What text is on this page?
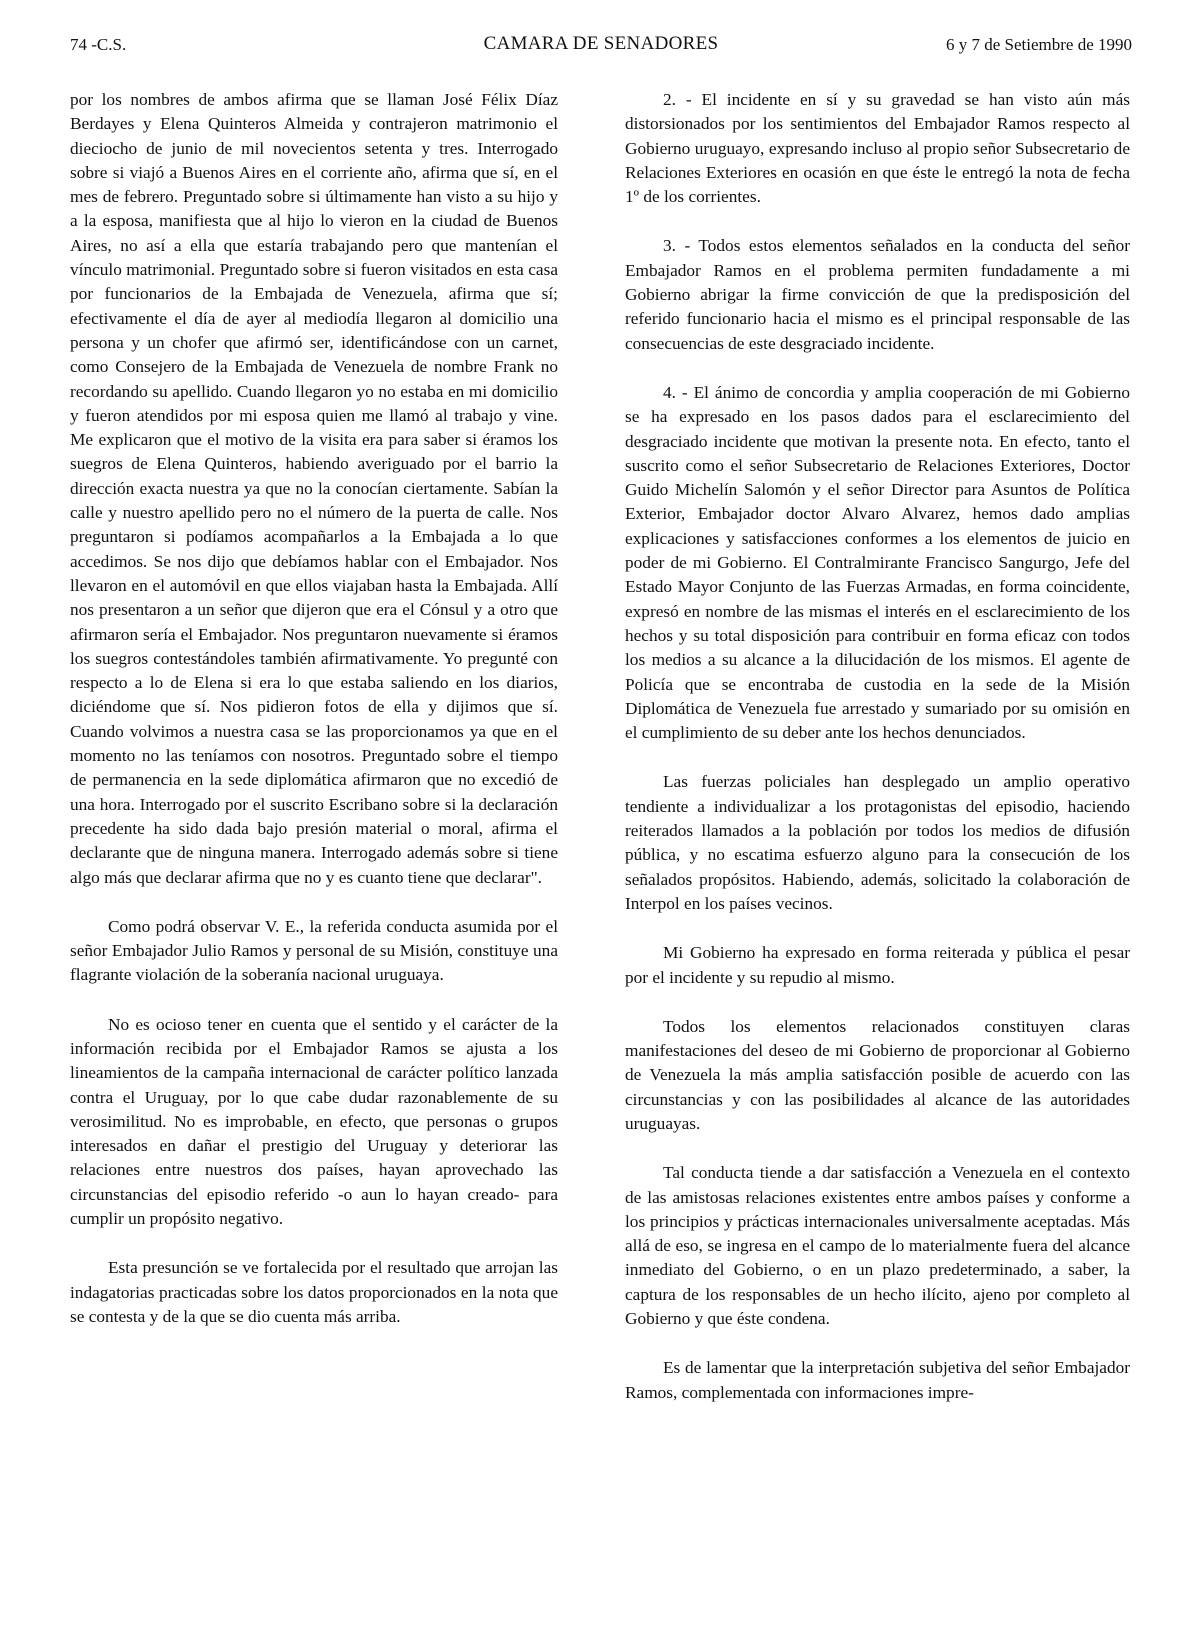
74 -C.S.	CAMARA DE SENADORES	6 y 7 de Setiembre de 1990

por los nombres de ambos afirma que se llaman José Félix Díaz Berdayes y Elena Quinteros Almeida y contrajeron matrimonio el dieciocho de junio de mil novecientos setenta y tres. Interrogado sobre si viajó a Buenos Aires en el corriente año, afirma que sí, en el mes de febrero. Preguntado sobre si últimamente han visto a su hijo y a la esposa, manifiesta que al hijo lo vieron en la ciudad de Buenos Aires, no así a ella que estaría trabajando pero que mantenían el vínculo matrimonial. Preguntado sobre si fueron visitados en esta casa por funcionarios de la Embajada de Venezuela, afirma que sí; efectivamente el día de ayer al mediodía llegaron al domicilio una persona y un chofer que afirmó ser, identificándose con un carnet, como Consejero de la Embajada de Venezuela de nombre Frank no recordando su apellido. Cuando llegaron yo no estaba en mi domicilio y fueron atendidos por mi esposa quien me llamó al trabajo y vine. Me explicaron que el motivo de la visita era para saber si éramos los suegros de Elena Quinteros, habiendo averiguado por el barrio la dirección exacta nuestra ya que no la conocían ciertamente. Sabían la calle y nuestro apellido pero no el número de la puerta de calle. Nos preguntaron si podíamos acompañarlos a la Embajada a lo que accedimos. Se nos dijo que debíamos hablar con el Embajador. Nos llevaron en el automóvil en que ellos viajaban hasta la Embajada. Allí nos presentaron a un señor que dijeron que era el Cónsul y a otro que afirmaron sería el Embajador. Nos preguntaron nuevamente si éramos los suegros contestándoles también afirmativamente. Yo pregunté con respecto a lo de Elena si era lo que estaba saliendo en los diarios, diciéndome que sí. Nos pidieron fotos de ella y dijimos que sí. Cuando volvimos a nuestra casa se las proporcionamos ya que en el momento no las teníamos con nosotros. Preguntado sobre el tiempo de permanencia en la sede diplomática afirmaron que no excedió de una hora. Interrogado por el suscrito Escribano sobre si la declaración precedente ha sido dada bajo presión material o moral, afirma el declarante que de ninguna manera. Interrogado además sobre si tiene algo más que declarar afirma que no y es cuanto tiene que declarar".

Como podrá observar V. E., la referida conducta asumida por el señor Embajador Julio Ramos y personal de su Misión, constituye una flagrante violación de la soberanía nacional uruguaya.

No es ocioso tener en cuenta que el sentido y el carácter de la información recibida por el Embajador Ramos se ajusta a los lineamientos de la campaña internacional de carácter político lanzada contra el Uruguay, por lo que cabe dudar razonablemente de su verosimilitud. No es improbable, en efecto, que personas o grupos interesados en dañar el prestigio del Uruguay y deteriorar las relaciones entre nuestros dos países, hayan aprovechado las circunstancias del episodio referido -o aun lo hayan creado- para cumplir un propósito negativo.

Esta presunción se ve fortalecida por el resultado que arrojan las indagatorias practicadas sobre los datos proporcionados en la nota que se contesta y de la que se dio cuenta más arriba.

2. - El incidente en sí y su gravedad se han visto aún más distorsionados por los sentimientos del Embajador Ramos respecto al Gobierno uruguayo, expresando incluso al propio señor Subsecretario de Relaciones Exteriores en ocasión en que éste le entregó la nota de fecha 1º de los corrientes.

3. - Todos estos elementos señalados en la conducta del señor Embajador Ramos en el problema permiten fundadamente a mi Gobierno abrigar la firme convicción de que la predisposición del referido funcionario hacia el mismo es el principal responsable de las consecuencias de este desgraciado incidente.

4. - El ánimo de concordia y amplia cooperación de mi Gobierno se ha expresado en los pasos dados para el esclarecimiento del desgraciado incidente que motivan la presente nota. En efecto, tanto el suscrito como el señor Subsecretario de Relaciones Exteriores, Doctor Guido Michelín Salomón y el señor Director para Asuntos de Política Exterior, Embajador doctor Alvaro Alvarez, hemos dado amplias explicaciones y satisfacciones conformes a los elementos de juicio en poder de mi Gobierno. El Contralmirante Francisco Sangurgo, Jefe del Estado Mayor Conjunto de las Fuerzas Armadas, en forma coincidente, expresó en nombre de las mismas el interés en el esclarecimiento de los hechos y su total disposición para contribuir en forma eficaz con todos los medios a su alcance a la dilucidación de los mismos. El agente de Policía que se encontraba de custodia en la sede de la Misión Diplomática de Venezuela fue arrestado y sumariado por su omisión en el cumplimiento de su deber ante los hechos denunciados.

Las fuerzas policiales han desplegado un amplio operativo tendiente a individualizar a los protagonistas del episodio, haciendo reiterados llamados a la población por todos los medios de difusión pública, y no escatima esfuerzo alguno para la consecución de los señalados propósitos. Habiendo, además, solicitado la colaboración de Interpol en los países vecinos.

Mi Gobierno ha expresado en forma reiterada y pública el pesar por el incidente y su repudio al mismo.

Todos los elementos relacionados constituyen claras manifestaciones del deseo de mi Gobierno de proporcionar al Gobierno de Venezuela la más amplia satisfacción posible de acuerdo con las circunstancias y con las posibilidades al alcance de las autoridades uruguayas.

Tal conducta tiende a dar satisfacción a Venezuela en el contexto de las amistosas relaciones existentes entre ambos países y conforme a los principios y prácticas internacionales universalmente aceptadas. Más allá de eso, se ingresa en el campo de lo materialmente fuera del alcance inmediato del Gobierno, o en un plazo predeterminado, a saber, la captura de los responsables de un hecho ilícito, ajeno por completo al Gobierno y que éste condena.

Es de lamentar que la interpretación subjetiva del señor Embajador Ramos, complementada con informaciones impre-
